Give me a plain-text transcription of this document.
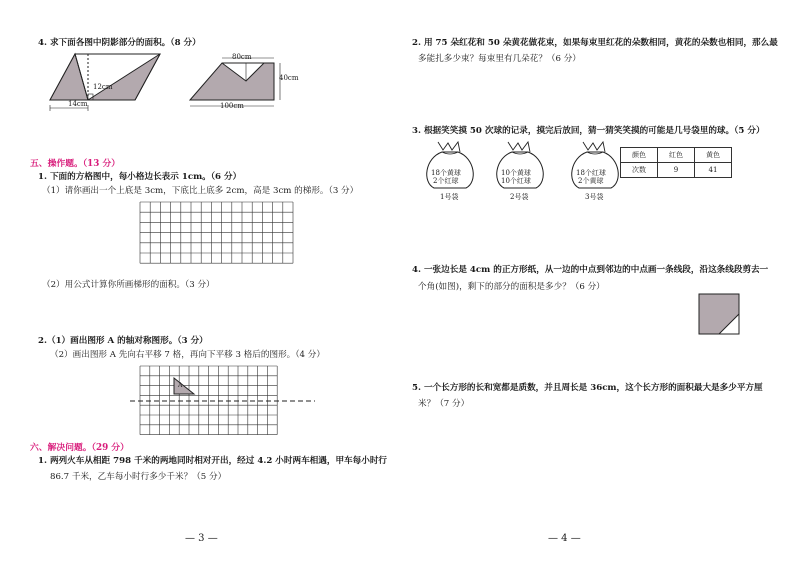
4. 求下面各图中阴影部分的面积。（8 分）
12cm
14cm
80cm
40cm
100cm
五、操作题。（13 分）
1. 下面的方格图中，每小格边长表示 1cm。（6 分）
（1）请你画出一个上底是 3cm，下底比上底多 2cm，高是 3cm 的梯形。（3 分）
（2）用公式计算你所画梯形的面积。（3 分）
2.（1）画出图形 A 的轴对称图形。（3 分）
（2）画出图形 A 先向右平移 7 格，再向下平移 3 格后的图形。（4 分）
A
六、解决问题。（29 分）
1. 两列火车从相距 798 千米的两地同时相对开出，经过 4.2 小时两车相遇，甲车每小时行
86.7 千米，乙车每小时行多少千米？（5 分）
— 3 —
2. 用 75 朵红花和 50 朵黄花做花束，如果每束里红花的朵数相同，黄花的朵数也相同，那么最
多能扎多少束？每束里有几朵花？（6 分）
3. 根据笑笑摸 50 次球的记录，摸完后放回，猜一猜笑笑摸的可能是几号袋里的球。（5 分）
18个黄球
2个红球
1号袋
10个黄球
10个红球
2号袋
18个红球
2个黄球
3号袋
颜色	红色	黄色
次数	9	41
4. 一张边长是 4cm 的正方形纸，从一边的中点到邻边的中点画一条线段，沿这条线段剪去一
个角(如图)，剩下的部分的面积是多少？（6 分）
5. 一个长方形的长和宽都是质数，并且周长是 36cm，这个长方形的面积最大是多少平方厘
米？（7 分）
— 4 —
